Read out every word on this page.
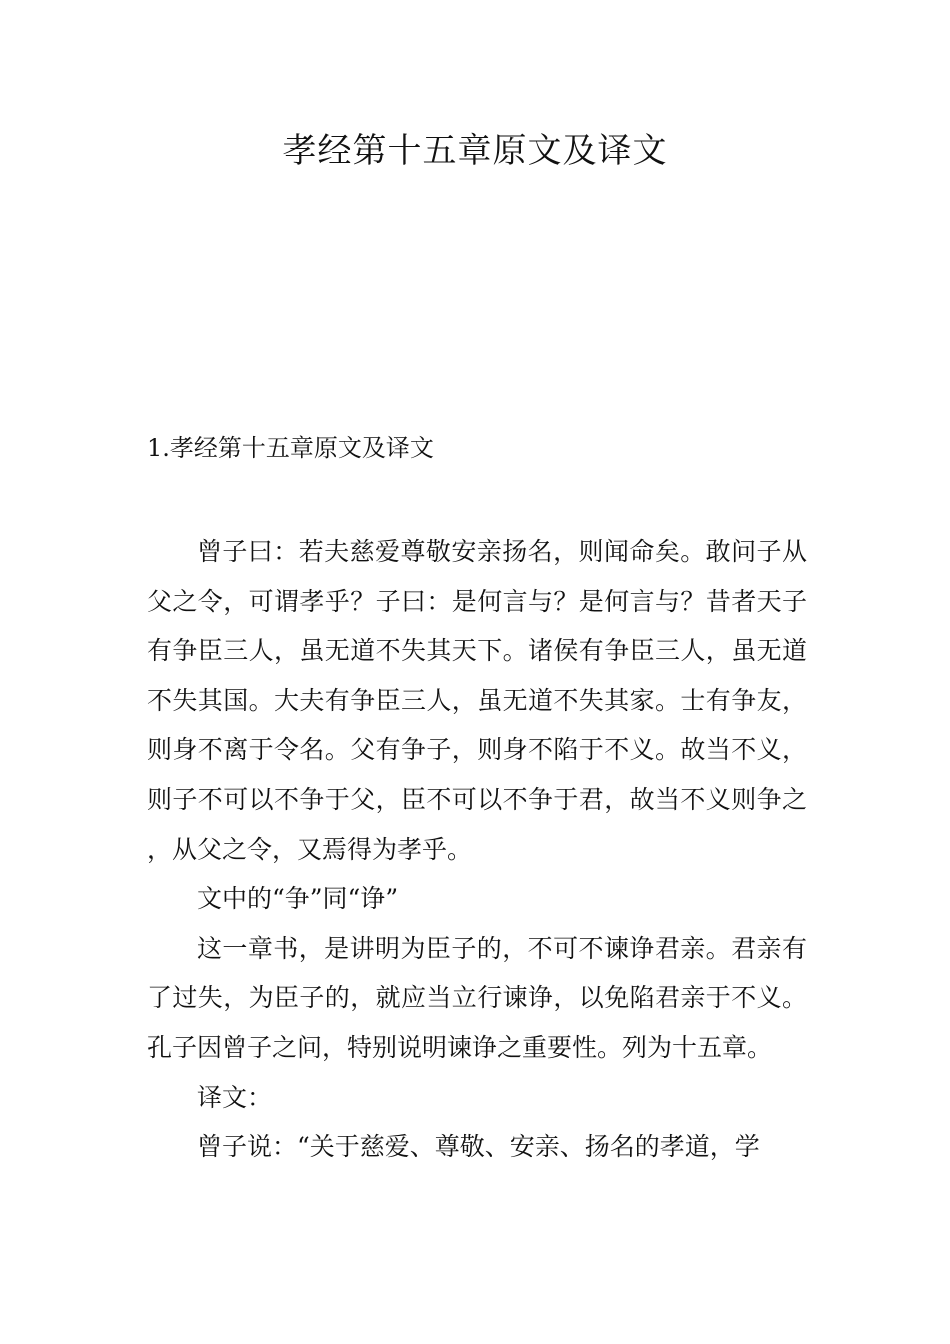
孝经第十五章原文及译文
1.孝经第十五章原文及译文

曾子曰：若夫慈爱尊敬安亲扬名，则闻命矣。敢问子从父之令，可谓孝乎？子曰：是何言与？是何言与？昔者天子有争臣三人，虽无道不失其天下。诸侯有争臣三人，虽无道不失其国。大夫有争臣三人，虽无道不失其家。士有争友，则身不离于令名。父有争子，则身不陷于不义。故当不义，则子不可以不争于父，臣不可以不争于君，故当不义则争之，从父之令，又焉得为孝乎。

文中的“争”同“诤”

这一章书，是讲明为臣子的，不可不谏诤君亲。君亲有了过失，为臣子的，就应当立行谏诤，以免陷君亲于不义。孔子因曾子之问，特别说明谏诤之重要性。列为十五章。

译文：

曾子说：“关于慈爱、尊敬、安亲、扬名的孝道，学
